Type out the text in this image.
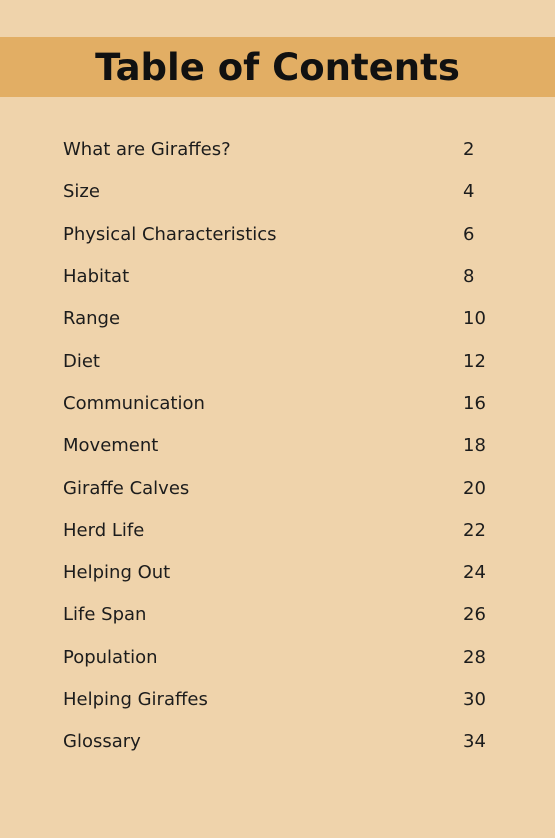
Table of Contents
What are Giraffes?	2
Size	4
Physical Characteristics	6
Habitat	8
Range	10
Diet	12
Communication	16
Movement	18
Giraffe Calves	20
Herd Life	22
Helping Out	24
Life Span	26
Population	28
Helping Giraffes	30
Glossary	34
